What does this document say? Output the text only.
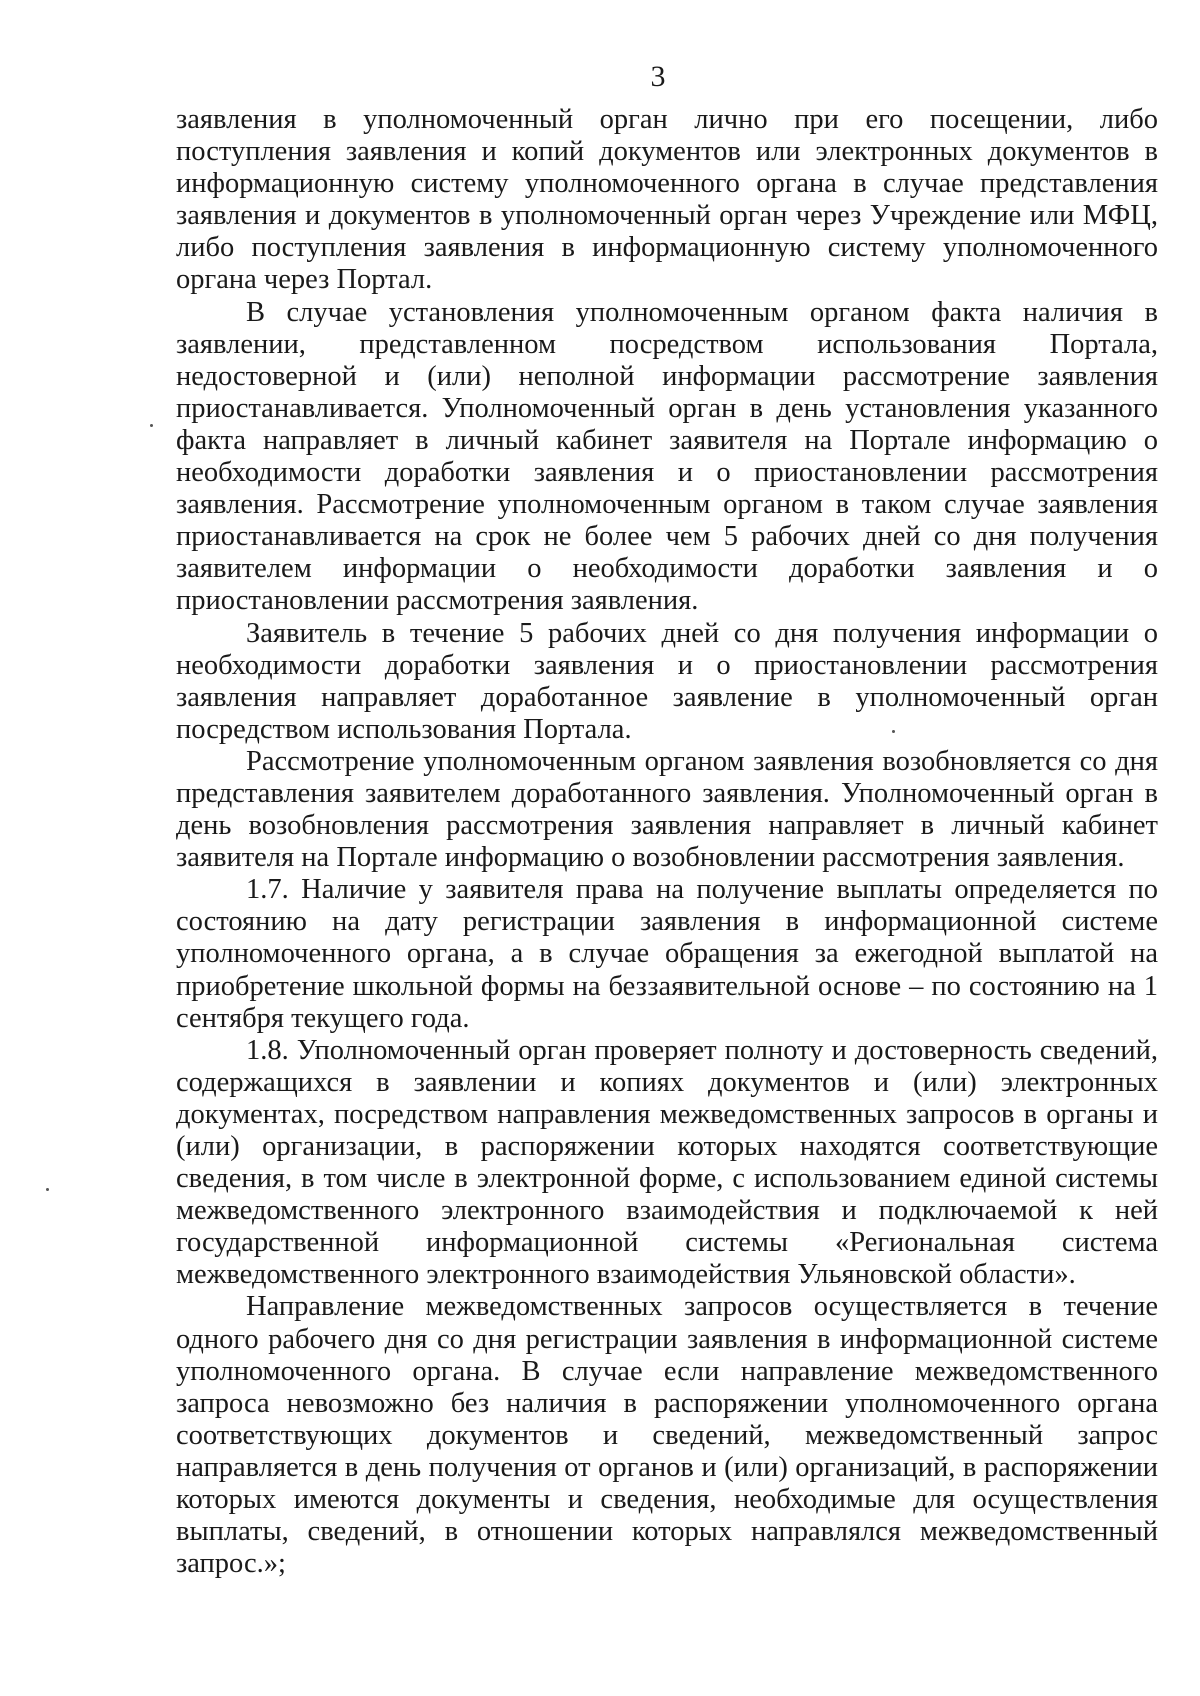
3

заявления в уполномоченный орган лично при его посещении, либо поступления заявления и копий документов или электронных документов в информационную систему уполномоченного органа в случае представления заявления и документов в уполномоченный орган через Учреждение или МФЦ, либо поступления заявления в информационную систему уполномоченного органа через Портал.

В случае установления уполномоченным органом факта наличия в заявлении, представленном посредством использования Портала, недостоверной и (или) неполной информации рассмотрение заявления приостанавливается. Уполномоченный орган в день установления указанного факта направляет в личный кабинет заявителя на Портале информацию о необходимости доработки заявления и о приостановлении рассмотрения заявления. Рассмотрение уполномоченным органом в таком случае заявления приостанавливается на срок не более чем 5 рабочих дней со дня получения заявителем информации о необходимости доработки заявления и о приостановлении рассмотрения заявления.

Заявитель в течение 5 рабочих дней со дня получения информации о необходимости доработки заявления и о приостановлении рассмотрения заявления направляет доработанное заявление в уполномоченный орган посредством использования Портала.

Рассмотрение уполномоченным органом заявления возобновляется со дня представления заявителем доработанного заявления. Уполномоченный орган в день возобновления рассмотрения заявления направляет в личный кабинет заявителя на Портале информацию о возобновлении рассмотрения заявления.

1.7. Наличие у заявителя права на получение выплаты определяется по состоянию на дату регистрации заявления в информационной системе уполномоченного органа, а в случае обращения за ежегодной выплатой на приобретение школьной формы на беззаявительной основе – по состоянию на 1 сентября текущего года.

1.8. Уполномоченный орган проверяет полноту и достоверность сведений, содержащихся в заявлении и копиях документов и (или) электронных документах, посредством направления межведомственных запросов в органы и (или) организации, в распоряжении которых находятся соответствующие сведения, в том числе в электронной форме, с использованием единой системы межведомственного электронного взаимодействия и подключаемой к ней государственной информационной системы «Региональная система межведомственного электронного взаимодействия Ульяновской области».

Направление межведомственных запросов осуществляется в течение одного рабочего дня со дня регистрации заявления в информационной системе уполномоченного органа. В случае если направление межведомственного запроса невозможно без наличия в распоряжении уполномоченного органа соответствующих документов и сведений, межведомственный запрос направляется в день получения от органов и (или) организаций, в распоряжении которых имеются документы и сведения, необходимые для осуществления выплаты, сведений, в отношении которых направлялся межведомственный запрос.»;
